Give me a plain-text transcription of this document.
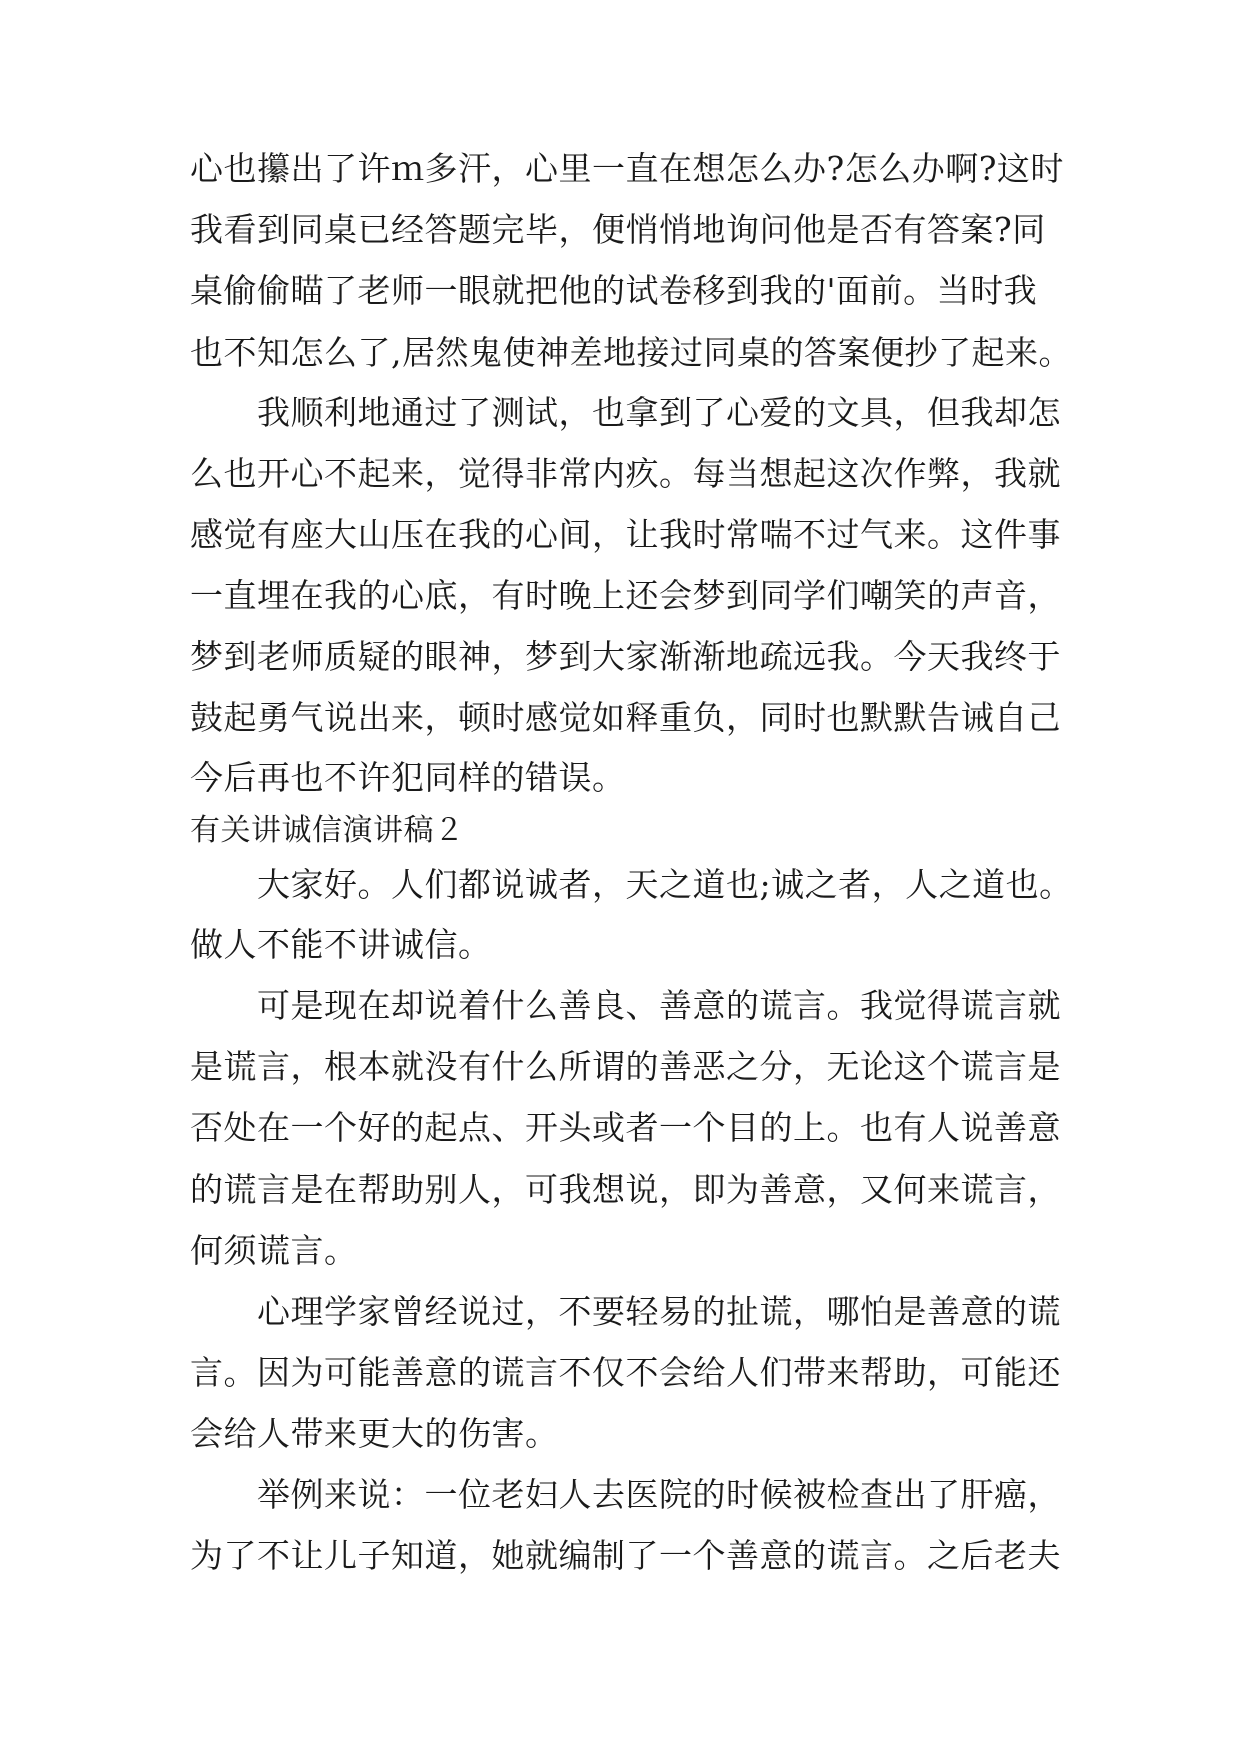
心也攥出了许ｍ多汗，心里一直在想怎么办?怎么办啊?这时
我看到同桌已经答题完毕，便悄悄地询问他是否有答案?同
桌偷偷瞄了老师一眼就把他的试卷移到我的'面前。当时我
也不知怎么了,居然鬼使神差地接过同桌的答案便抄了起来。
　　我顺利地通过了测试，也拿到了心爱的文具，但我却怎
么也开心不起来，觉得非常内疚。每当想起这次作弊，我就
感觉有座大山压在我的心间，让我时常喘不过气来。这件事
一直埋在我的心底，有时晚上还会梦到同学们嘲笑的声音，
梦到老师质疑的眼神，梦到大家渐渐地疏远我。今天我终于
鼓起勇气说出来，顿时感觉如释重负，同时也默默告诫自己
今后再也不许犯同样的错误。
有关讲诚信演讲稿２
　　大家好。人们都说诚者，天之道也;诚之者，人之道也。
做人不能不讲诚信。
　　可是现在却说着什么善良、善意的谎言。我觉得谎言就
是谎言，根本就没有什么所谓的善恶之分，无论这个谎言是
否处在一个好的起点、开头或者一个目的上。也有人说善意
的谎言是在帮助别人，可我想说，即为善意，又何来谎言，
何须谎言。
　　心理学家曾经说过，不要轻易的扯谎，哪怕是善意的谎
言。因为可能善意的谎言不仅不会给人们带来帮助，可能还
会给人带来更大的伤害。
　　举例来说：一位老妇人去医院的时候被检查出了肝癌，
为了不让儿子知道，她就编制了一个善意的谎言。之后老夫
